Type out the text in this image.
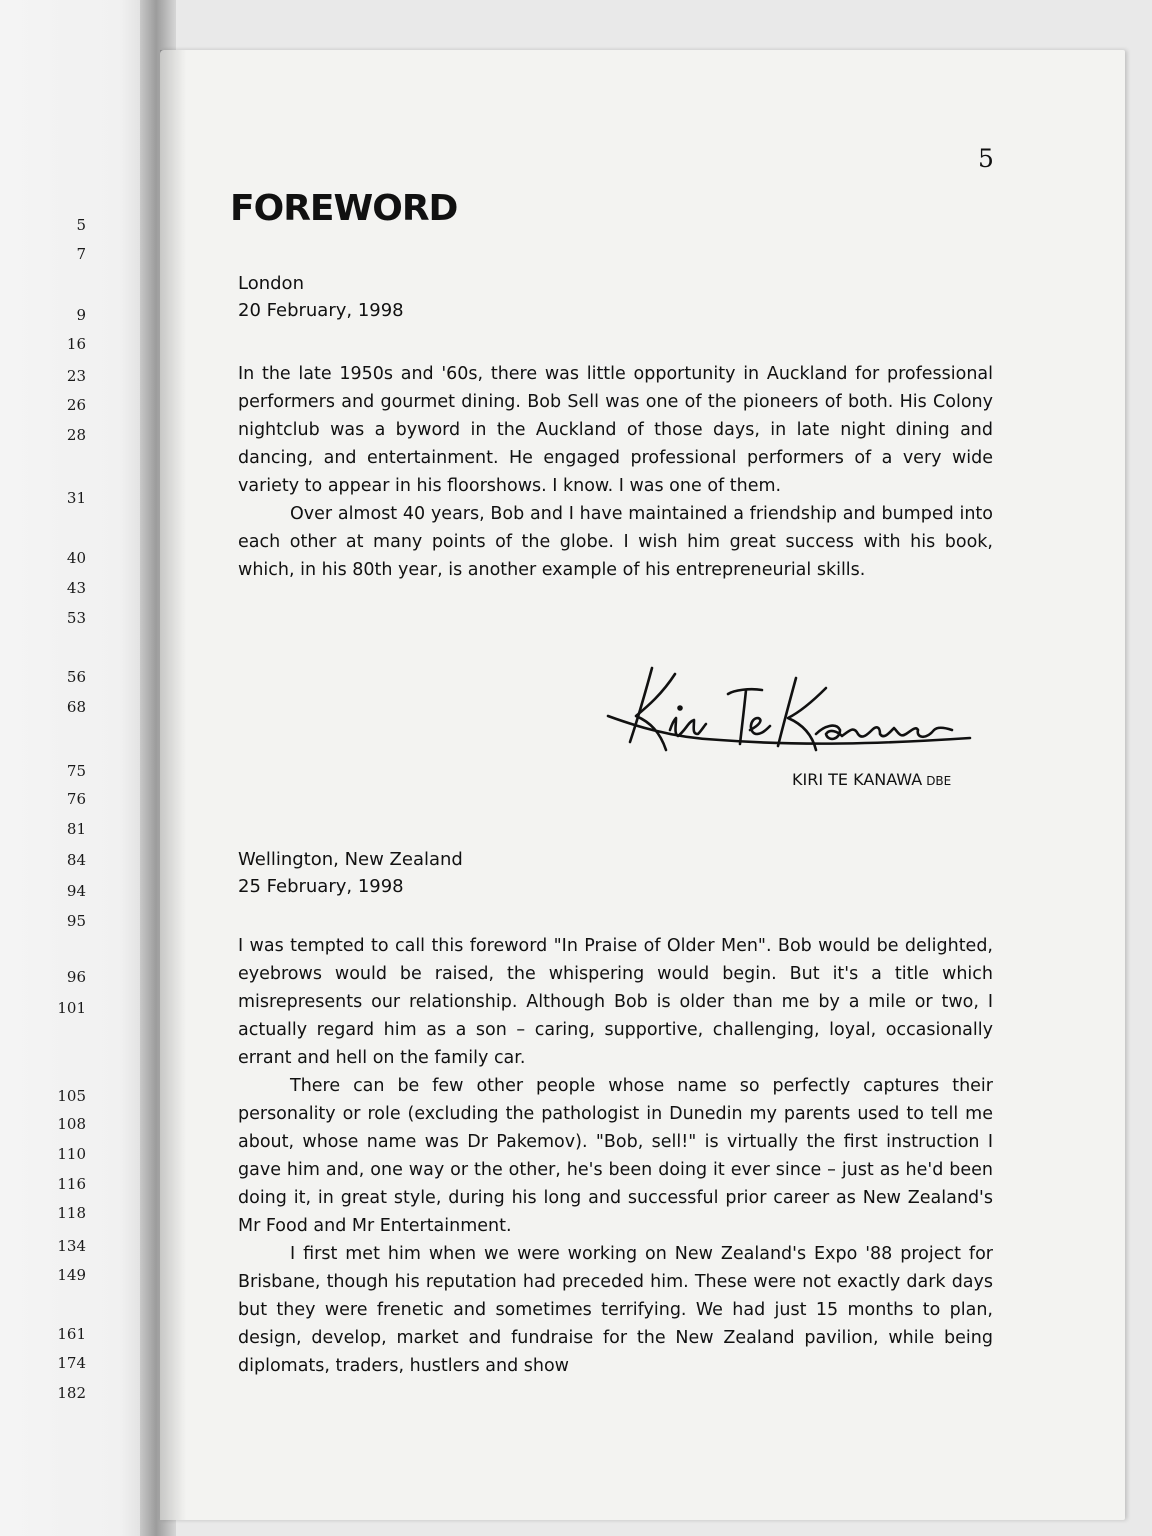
5
7
9
16
23
26
28
31
40
43
53
56
68
75
76
81
84
94
95
96
101
105
108
110
116
118
134
149
161
174
182
5
FOREWORD
London
20 February, 1998

In the late 1950s and '60s, there was little opportunity in Auckland for professional performers and gourmet dining. Bob Sell was one of the pioneers of both. His Colony nightclub was a byword in the Auckland of those days, in late night dining and dancing, and entertainment. He engaged professional performers of a very wide variety to appear in his floorshows. I know. I was one of them.

Over almost 40 years, Bob and I have maintained a friendship and bumped into each other at many points of the globe. I wish him great success with his book, which, in his 80th year, is another example of his entrepreneurial skills.

KIRI TE KANAWA DBE
Wellington, New Zealand
25 February, 1998

I was tempted to call this foreword "In Praise of Older Men". Bob would be delighted, eyebrows would be raised, the whispering would begin. But it's a title which misrepresents our relationship. Although Bob is older than me by a mile or two, I actually regard him as a son – caring, supportive, challenging, loyal, occasionally errant and hell on the family car.

There can be few other people whose name so perfectly captures their personality or role (excluding the pathologist in Dunedin my parents used to tell me about, whose name was Dr Pakemov). "Bob, sell!" is virtually the first instruction I gave him and, one way or the other, he's been doing it ever since – just as he'd been doing it, in great style, during his long and successful prior career as New Zealand's Mr Food and Mr Entertainment.

I first met him when we were working on New Zealand's Expo '88 project for Brisbane, though his reputation had preceded him. These were not exactly dark days but they were frenetic and sometimes terrifying. We had just 15 months to plan, design, develop, market and fundraise for the New Zealand pavilion, while being diplomats, traders, hustlers and show
